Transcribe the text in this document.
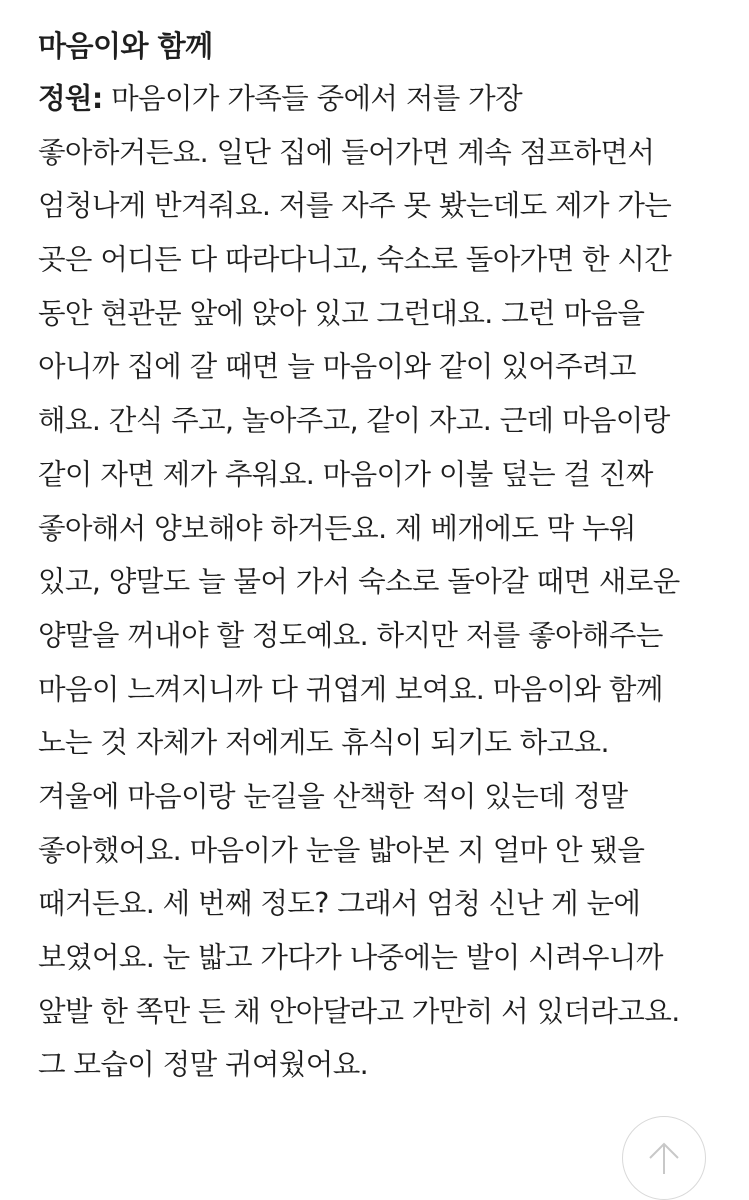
마음이와 함께
정원: 마음이가 가족들 중에서 저를 가장
좋아하거든요. 일단 집에 들어가면 계속 점프하면서
엄청나게 반겨줘요. 저를 자주 못 봤는데도 제가 가는
곳은 어디든 다 따라다니고, 숙소로 돌아가면 한 시간
동안 현관문 앞에 앉아 있고 그런대요. 그런 마음을
아니까 집에 갈 때면 늘 마음이와 같이 있어주려고
해요. 간식 주고, 놀아주고, 같이 자고. 근데 마음이랑
같이 자면 제가 추워요. 마음이가 이불 덮는 걸 진짜
좋아해서 양보해야 하거든요. 제 베개에도 막 누워
있고, 양말도 늘 물어 가서 숙소로 돌아갈 때면 새로운
양말을 꺼내야 할 정도예요. 하지만 저를 좋아해주는
마음이 느껴지니까 다 귀엽게 보여요. 마음이와 함께
노는 것 자체가 저에게도 휴식이 되기도 하고요.
겨울에 마음이랑 눈길을 산책한 적이 있는데 정말
좋아했어요. 마음이가 눈을 밟아본 지 얼마 안 됐을
때거든요. 세 번째 정도? 그래서 엄청 신난 게 눈에
보였어요. 눈 밟고 가다가 나중에는 발이 시려우니까
앞발 한 쪽만 든 채 안아달라고 가만히 서 있더라고요.
그 모습이 정말 귀여웠어요.
